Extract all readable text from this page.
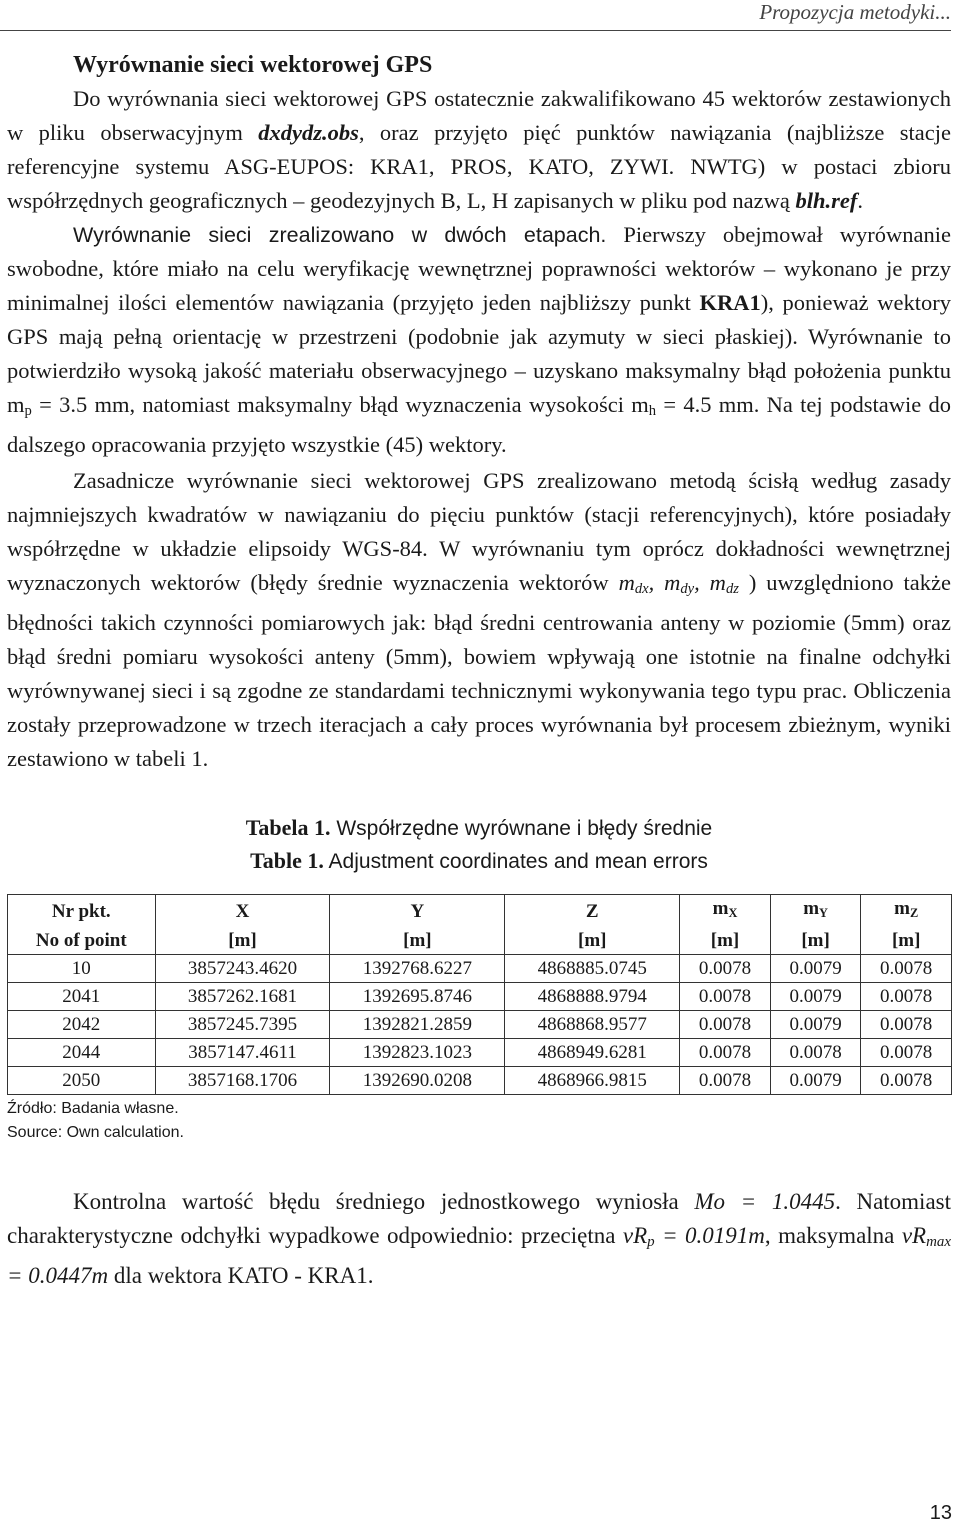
Propozycja metodyki...

Wyrównanie sieci wektorowej GPS

Do wyrównania sieci wektorowej GPS ostatecznie zakwalifikowano 45 wektorów zestawionych w pliku obserwacyjnym dxdydz.obs, oraz przyjęto pięć punktów nawiązania (najbliższe stacje referencyjne systemu ASG-EUPOS: KRA1, PROS, KATO, ZYWI. NWTG) w postaci zbioru współrzędnych geograficznych – geodezyjnych B, L, H zapisanych w pliku pod nazwą blh.ref.

Wyrównanie sieci zrealizowano w dwóch etapach. Pierwszy obejmował wyrównanie swobodne, które miało na celu weryfikację wewnętrznej poprawności wektorów – wykonano je przy minimalnej ilości elementów nawiązania (przyjęto jeden najbliższy punkt KRA1), ponieważ wektory GPS mają pełną orientację w przestrzeni (podobnie jak azymuty w sieci płaskiej). Wyrównanie to potwierdziło wysoką jakość materiału obserwacyjnego – uzyskano maksymalny błąd położenia punktu $m_p = 3.5$ mm, natomiast maksymalny błąd wyznaczenia wysokości $m_h = 4.5$ mm. Na tej podstawie do dalszego opracowania przyjęto wszystkie (45) wektory.

Zasadnicze wyrównanie sieci wektorowej GPS zrealizowano metodą ścisłą według zasady najmniejszych kwadratów w nawiązaniu do pięciu punktów (stacji referencyjnych), które posiadały współrzędne w układzie elipsoidy WGS-84. W wyrównaniu tym oprócz dokładności wewnętrznej wyznaczonych wektorów (błędy średnie wyznaczenia wektorów $m_{dx}$, $m_{dy}$, $m_{dz}$ ) uwzględniono także błędności takich czynności pomiarowych jak: błąd średni centrowania anteny w poziomie (5mm) oraz błąd średni pomiaru wysokości anteny (5mm), bowiem wpływają one istotnie na finalne odchyłki wyrównywanej sieci i są zgodne ze standardami technicznymi wykonywania tego typu prac. Obliczenia zostały przeprowadzone w trzech iteracjach a cały proces wyrównania był procesem zbieżnym, wyniki zestawiono w tabeli 1.

Tabela 1. Współrzędne wyrównane i błędy średnie
Table 1. Adjustment coordinates and mean errors
Nr pkt.	X	Y	Z	$m_X$	$m_Y$	$m_Z$
No of point	[m]	[m]	[m]	[m]	[m]	[m]
10	3857243.4620	1392768.6227	4868885.0745	0.0078	0.0079	0.0078
2041	3857262.1681	1392695.8746	4868888.9794	0.0078	0.0079	0.0078
2042	3857245.7395	1392821.2859	4868868.9577	0.0078	0.0079	0.0078
2044	3857147.4611	1392823.1023	4868949.6281	0.0078	0.0078	0.0078
2050	3857168.1706	1392690.0208	4868966.9815	0.0078	0.0079	0.0078
Źródło: Badania własne.
Source: Own calculation.

Kontrolna wartość błędu średniego jednostkowego wyniosła Mo = 1.0445. Natomiast charakterystyczne odchyłki wypadkowe odpowiednio: przeciętna $vR_p = 0.0191m$, maksymalna $vR_{max} = 0.0447m$ dla wektora KATO - KRA1.

13
